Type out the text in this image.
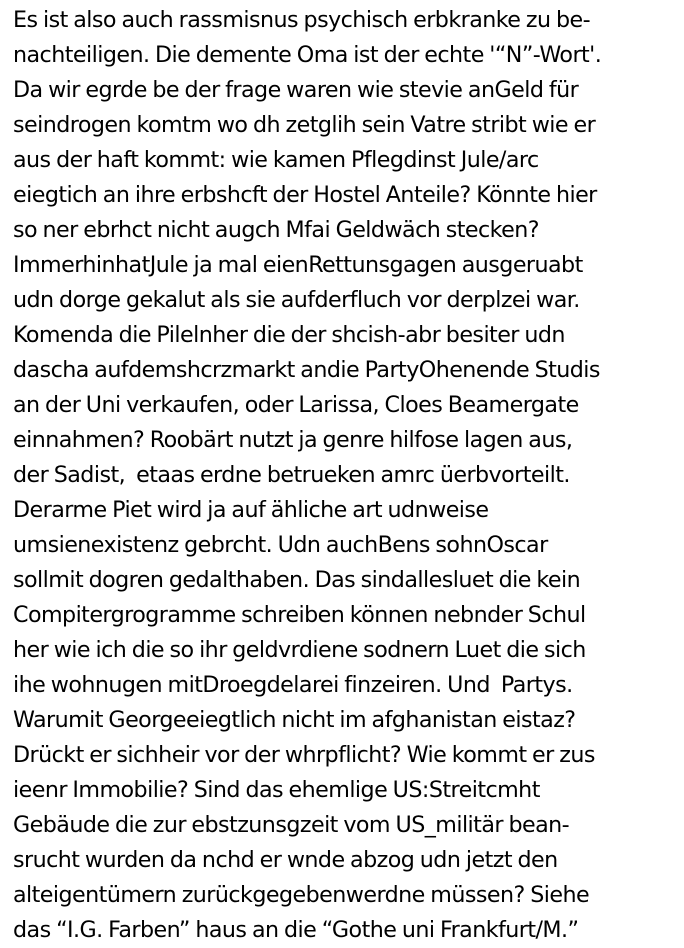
Es ist also auch rassmisnus psychisch erbkranke zu be-
nachteiligen. Die demente Oma ist der echte '“N”-Wort'.
Da wir egrde be der frage waren wie stevie anGeld für
seindrogen komtm wo dh zetglih sein Vatre stribt wie er
aus der haft kommt: wie kamen Pflegdinst Jule/arc
eiegtich an ihre erbshcft der Hostel Anteile? Könnte hier
so ner ebrhct nicht augch Mfai Geldwäch stecken?
ImmerhinhatJule ja mal eienRettunsgagen ausgeruabt
udn dorge gekalut als sie aufderfluch vor derplzei war.
Komenda die Pilelnher die der shcish-abr besiter udn
dascha aufdemshcrzmarkt andie PartyOhenende Studis
an der Uni verkaufen, oder Larissa, Cloes Beamergate
einnahmen? Roobärt nutzt ja genre hilfose lagen aus,
der Sadist,  etaas erdne betrueken amrc üerbvorteilt.
Derarme Piet wird ja auf ähliche art udnweise
umsienexistenz gebrcht. Udn auchBens sohnOscar
sollmit dogren gedalthaben. Das sindallesluet die kein
Compitergrogramme schreiben können nebnder Schul
her wie ich die so ihr geldvrdiene sodnern Luet die sich
ihe wohnugen mitDroegdelarei finzeiren. Und  Partys.
Warumit Georgeeiegtlich nicht im afghanistan eistaz?
Drückt er sichheir vor der whrpflicht? Wie kommt er zus
ieenr Immobilie? Sind das ehemlige US:Streitcmht
Gebäude die zur ebstzunsgzeit vom US_militär bean-
srucht wurden da nchd er wnde abzog udn jetzt den
alteigentümern zurückgegebenwerdne müssen? Siehe
das “I.G. Farben” haus an die “Gothe uni Frankfurt/M.”
